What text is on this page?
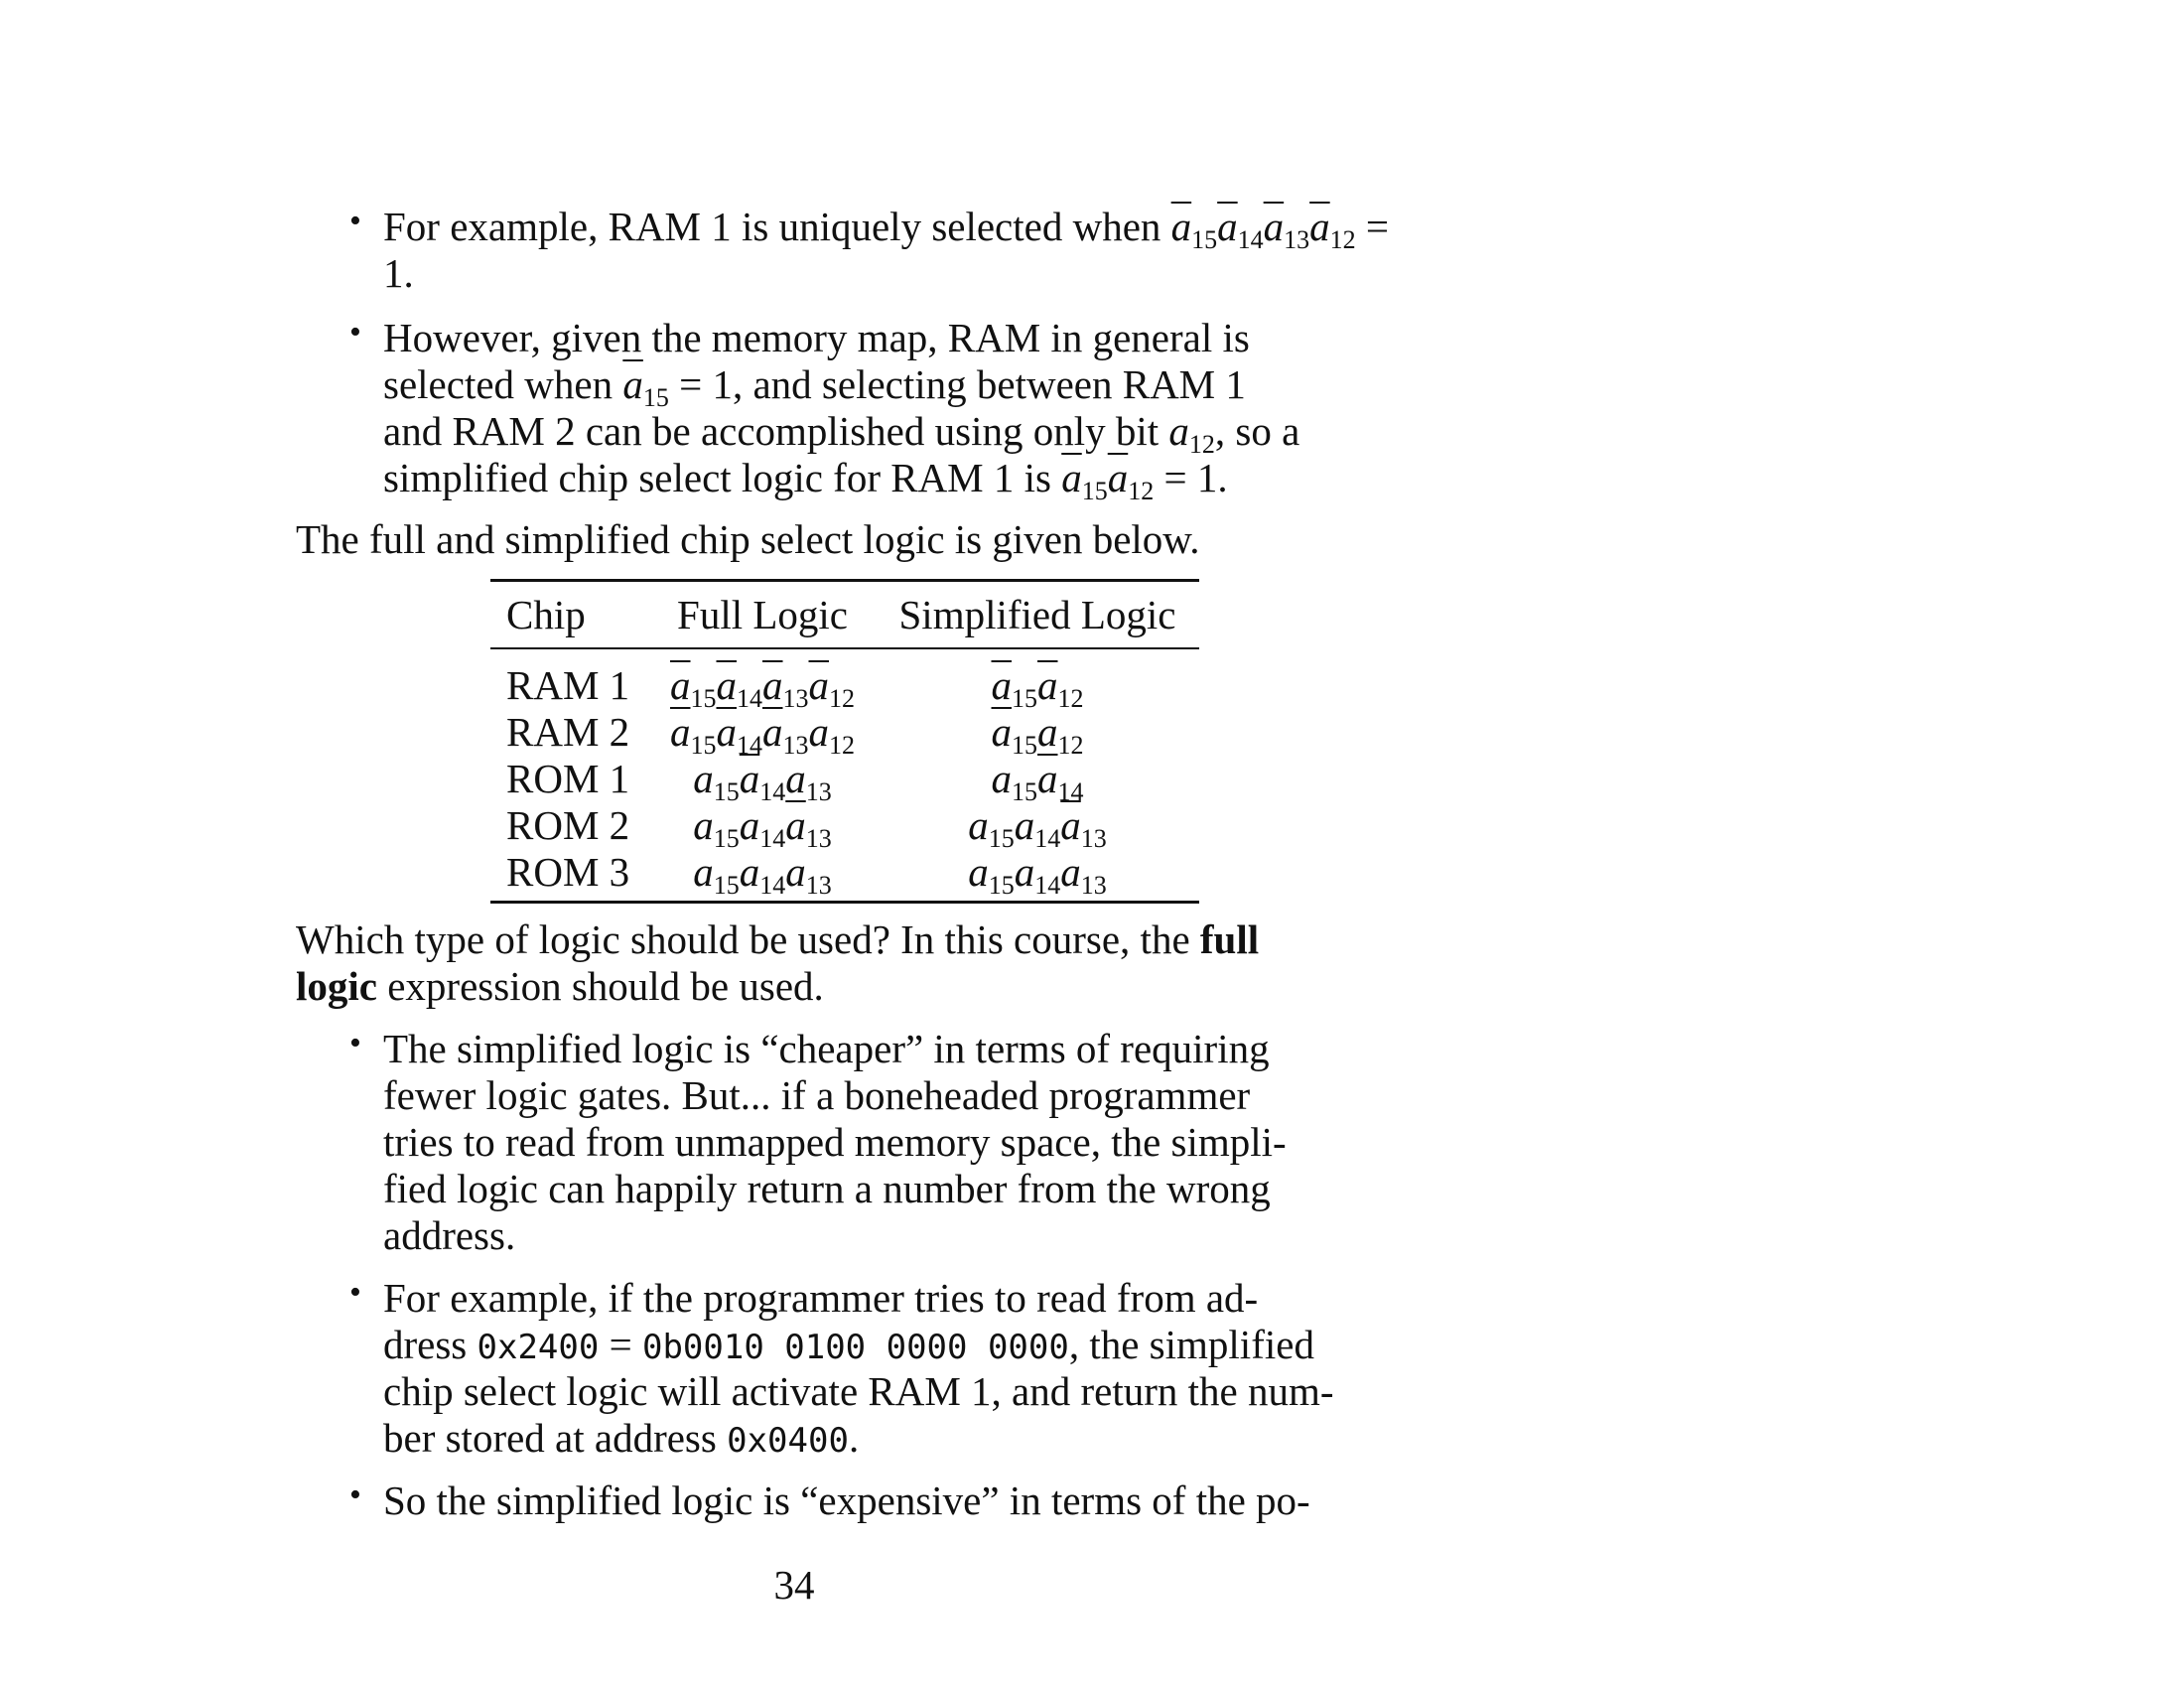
• For example, RAM 1 is uniquely selected when $\overline{a}_{15}\overline{a}_{14}\overline{a}_{13}\overline{a}_{12}$ =
1.
• However, given the memory map, RAM in general is
selected when $\overline{a}_{15} = 1$, and selecting between RAM 1
and RAM 2 can be accomplished using only bit $a_{12}$, so a
simplified chip select logic for RAM 1 is $\overline{a}_{15}\overline{a}_{12} = 1$.
The full and simplified chip select logic is given below.
Chip	Full Logic	Simplified Logic
RAM 1 $\overline{a}_{15}\overline{a}_{14}\overline{a}_{13}\overline{a}_{12}$	$\overline{a}_{15}\overline{a}_{12}$
RAM 2 $\overline{a}_{15}\overline{a}_{14}\overline{a}_{13}a_{12}$	$\overline{a}_{15}a_{12}$
ROM 1	$a_{15}\overline{a}_{14}a_{13}$	$a_{15}\overline{a}_{14}$
ROM 2	$a_{15}a_{14}\overline{a}_{13}$	$a_{15}a_{14}\overline{a}_{13}$
ROM 3	$a_{15}a_{14}a_{13}$	$a_{15}a_{14}a_{13}$
Which type of logic should be used? In this course, the full
logic expression should be used.
• The simplified logic is “cheaper” in terms of requiring
fewer logic gates. But... if a boneheaded programmer
tries to read from unmapped memory space, the simpli-
fied logic can happily return a number from the wrong
address.
• For example, if the programmer tries to read from ad-
dress 0x2400 = 0b0010 0100 0000 0000, the simplified
chip select logic will activate RAM 1, and return the num-
ber stored at address 0x0400.
• So the simplified logic is “expensive” in terms of the po-
34
